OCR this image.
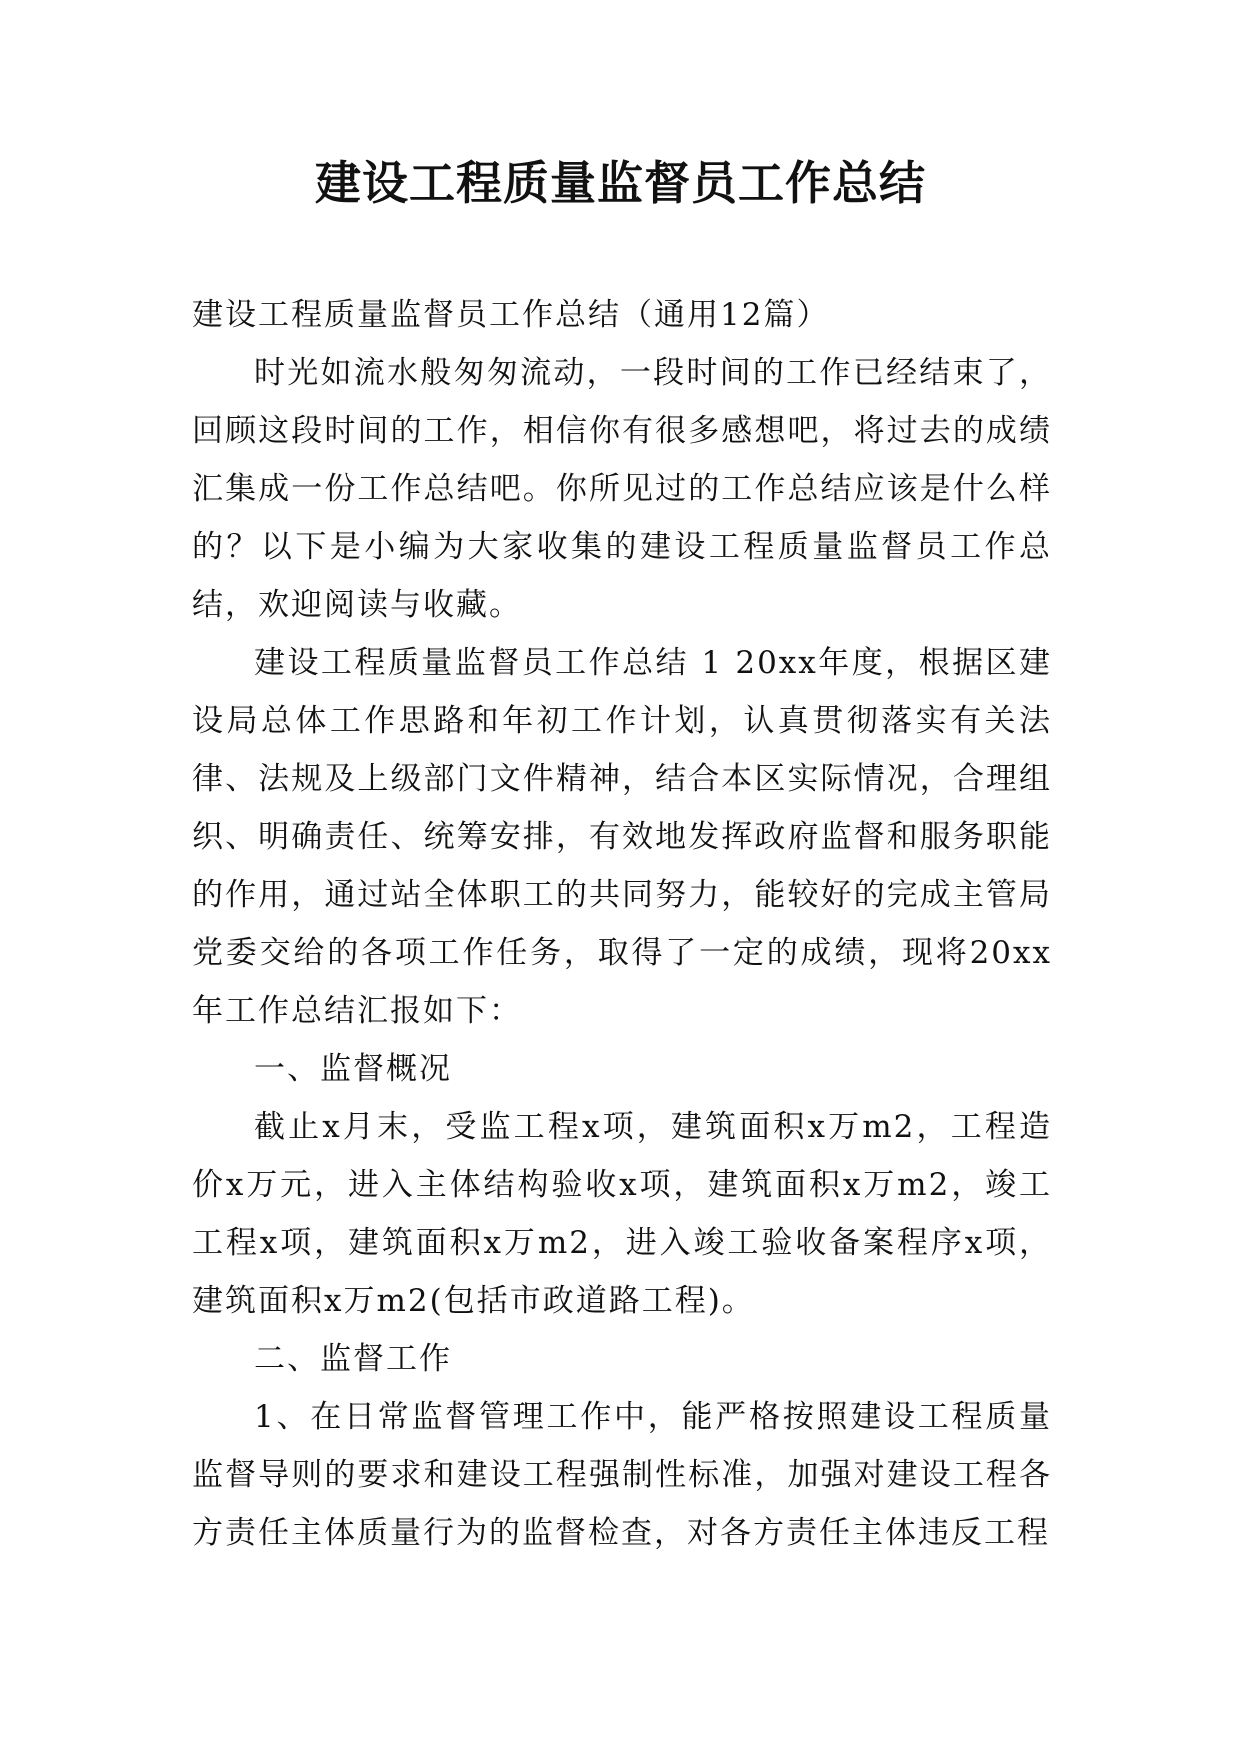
建设工程质量监督员工作总结

建设工程质量监督员工作总结（通用12篇）

时光如流水般匆匆流动，一段时间的工作已经结束了，回顾这段时间的工作，相信你有很多感想吧，将过去的成绩汇集成一份工作总结吧。你所见过的工作总结应该是什么样的？以下是小编为大家收集的建设工程质量监督员工作总结，欢迎阅读与收藏。

建设工程质量监督员工作总结 1 20xx年度，根据区建设局总体工作思路和年初工作计划，认真贯彻落实有关法律、法规及上级部门文件精神，结合本区实际情况，合理组织、明确责任、统筹安排，有效地发挥政府监督和服务职能的作用，通过站全体职工的共同努力，能较好的完成主管局党委交给的各项工作任务，取得了一定的成绩，现将20xx年工作总结汇报如下：

一、监督概况

截止x月末，受监工程x项，建筑面积x万m2，工程造价x万元，进入主体结构验收x项，建筑面积x万m2，竣工工程x项，建筑面积x万m2，进入竣工验收备案程序x项，建筑面积x万m2(包括市政道路工程)。

二、监督工作

1、在日常监督管理工作中，能严格按照建设工程质量监督导则的要求和建设工程强制性标准，加强对建设工程各方责任主体质量行为的监督检查，对各方责任主体违反工程
